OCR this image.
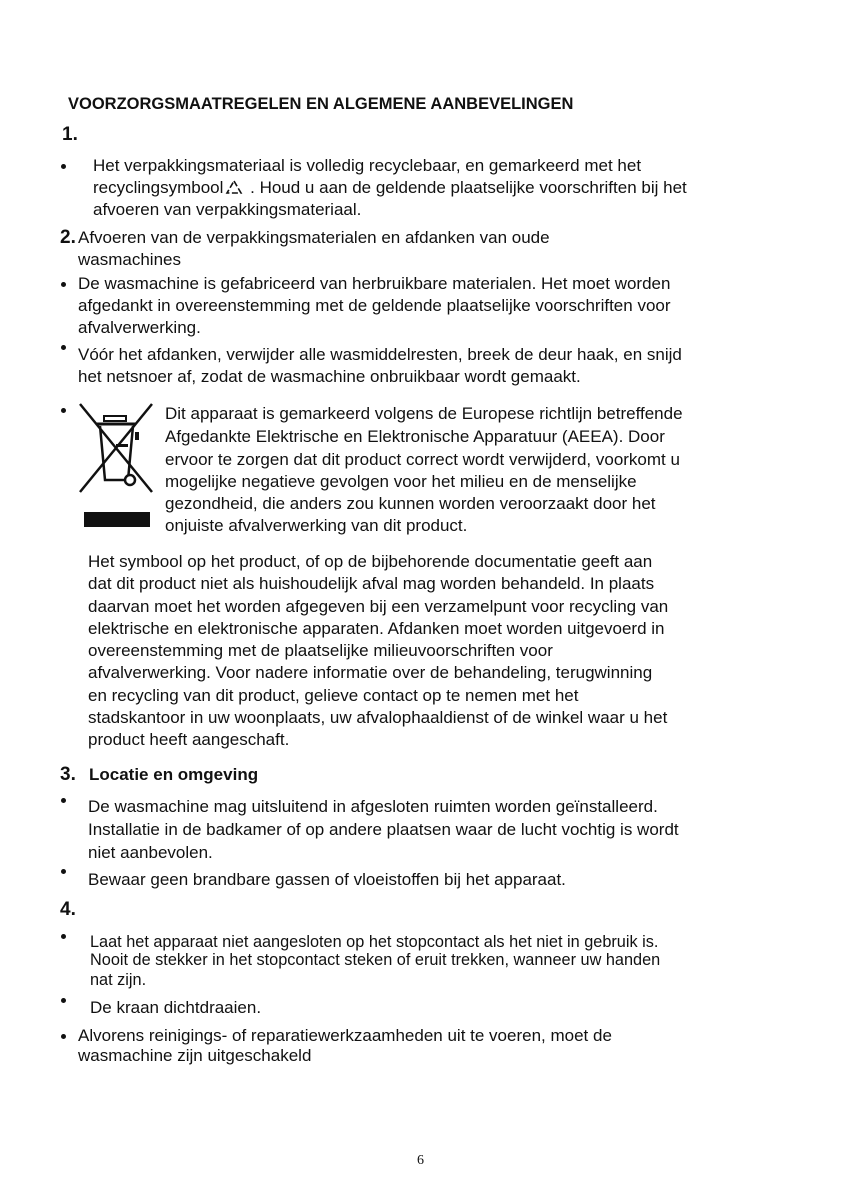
VOORZORGSMAATREGELEN EN ALGEMENE AANBEVELINGEN
1.
Het verpakkingsmateriaal is volledig recyclebaar, en gemarkeerd met het
recyclingsymbool . Houd u aan de geldende plaatselijke voorschriften bij het
afvoeren van verpakkingsmateriaal.
2. Afvoeren van de verpakkingsmaterialen en afdanken van oude
wasmachines
De wasmachine is gefabriceerd van herbruikbare materialen. Het moet worden
afgedankt in overeenstemming met de geldende plaatselijke voorschriften voor
afvalverwerking.
Vóór het afdanken, verwijder alle wasmiddelresten, breek de deur haak, en snijd
het netsnoer af, zodat de wasmachine onbruikbaar wordt gemaakt.
Dit apparaat is gemarkeerd volgens de Europese richtlijn betreffende
Afgedankte Elektrische en Elektronische Apparatuur (AEEA). Door
ervoor te zorgen dat dit product correct wordt verwijderd, voorkomt u
mogelijke negatieve gevolgen voor het milieu en de menselijke
gezondheid, die anders zou kunnen worden veroorzaakt door het
onjuiste afvalverwerking van dit product.
Het symbool op het product, of op de bijbehorende documentatie geeft aan
dat dit product niet als huishoudelijk afval mag worden behandeld. In plaats
daarvan moet het worden afgegeven bij een verzamelpunt voor recycling van
elektrische en elektronische apparaten. Afdanken moet worden uitgevoerd in
overeenstemming met de plaatselijke milieuvoorschriften voor
afvalverwerking. Voor nadere informatie over de behandeling, terugwinning
en recycling van dit product, gelieve contact op te nemen met het
stadskantoor in uw woonplaats, uw afvalophaaldienst of de winkel waar u het
product heeft aangeschaft.
3. Locatie en omgeving
De wasmachine mag uitsluitend in afgesloten ruimten worden geïnstalleerd.
Installatie in de badkamer of op andere plaatsen waar de lucht vochtig is wordt
niet aanbevolen.
Bewaar geen brandbare gassen of vloeistoffen bij het apparaat.
4.
Laat het apparaat niet aangesloten op het stopcontact als het niet in gebruik is.
Nooit de stekker in het stopcontact steken of eruit trekken, wanneer uw handen
nat zijn.
De kraan dichtdraaien.
Alvorens reinigings- of reparatiewerkzaamheden uit te voeren, moet de
wasmachine zijn uitgeschakeld
6
